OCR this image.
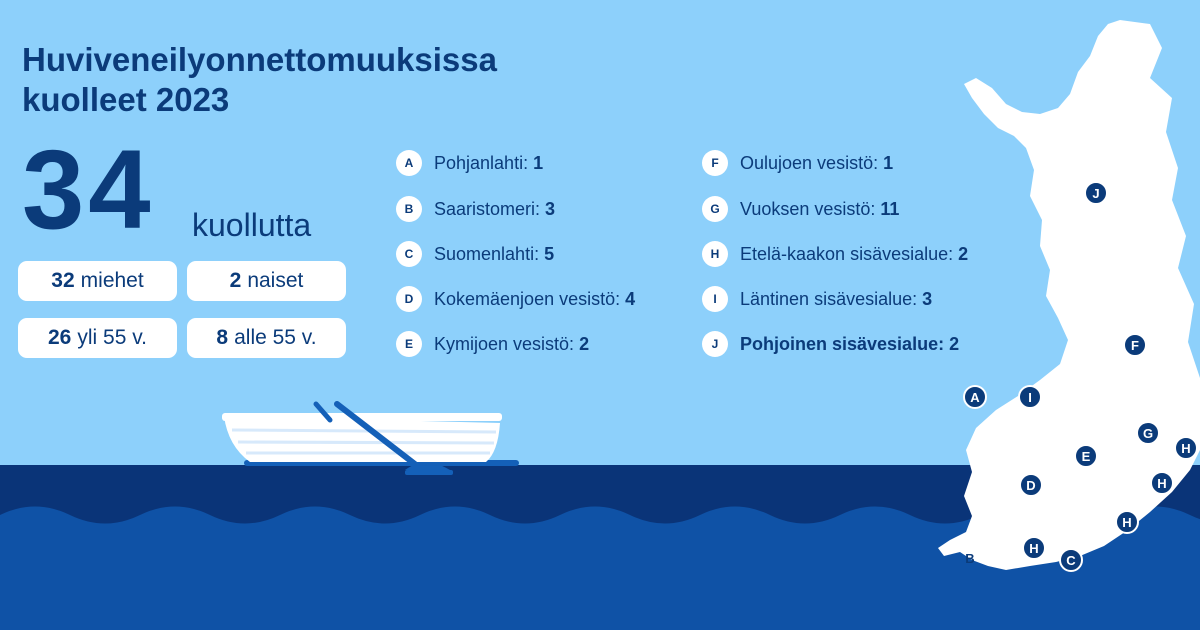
Huviveneilyonnettomuuksissa
kuolleet 2023
34 kuollutta
32 miehet	2 naiset
26 yli 55 v.	8 alle 55 v.
A	Pohjanlahti: 1
B	Saaristomeri: 3
C	Suomenlahti: 5
D	Kokemäenjoen vesistö: 4
E	Kymijoen vesistö: 2
F	Oulujoen vesistö: 1
G	Vuoksen vesistö: 11
H	Etelä-kaakon sisävesialue: 2
I	Läntinen sisävesialue: 3
J	Pohjoinen sisävesialue: 2
J
F
A	I
G
H
E
H
D
H
H
C
B
